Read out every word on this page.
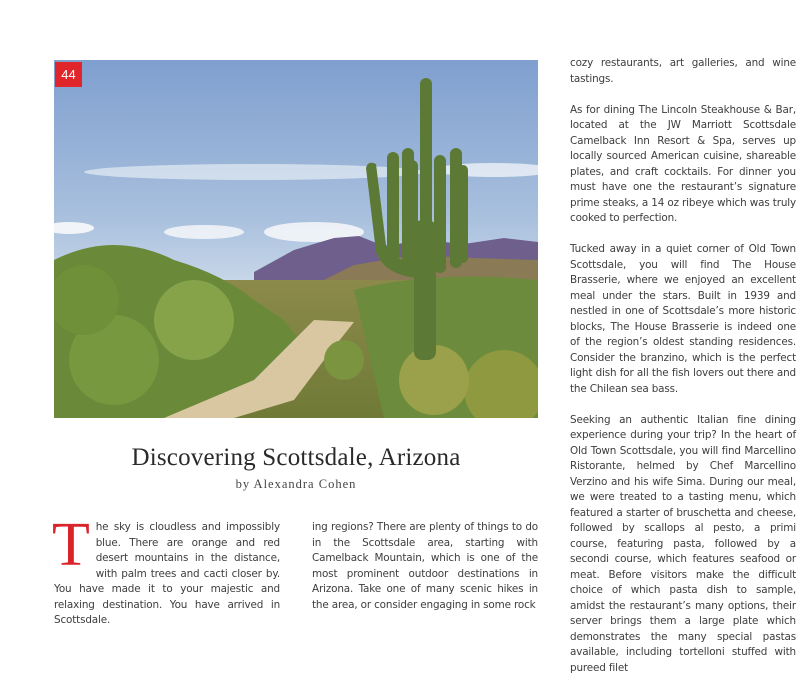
44
Discovering Scottsdale, Arizona
by Alexandra Cohen

The sky is cloudless and impossibly blue. There are orange and red desert mountains in the distance, with palm trees and cacti closer by. You have made it to your majestic and relaxing destination. You have arrived in Scottsdale.

ing regions? There are plenty of things to do in the Scottsdale area, starting with Camelback Mountain, which is one of the most prominent outdoor destinations in Arizona. Take one of many scenic hikes in the area, or consider engaging in some rock

cozy restaurants, art galleries, and wine tastings.

As for dining The Lincoln Steakhouse & Bar, located at the JW Marriott Scottsdale Camelback Inn Resort & Spa, serves up locally sourced American cuisine, shareable plates, and craft cocktails. For dinner you must have one the restaurant’s signature prime steaks, a 14 oz ribeye which was truly cooked to perfection.

Tucked away in a quiet corner of Old Town Scottsdale, you will find The House Brasserie, where we enjoyed an excellent meal under the stars. Built in 1939 and nestled in one of Scottsdale’s more historic blocks, The House Brasserie is indeed one of the region’s oldest standing residences. Consider the branzino, which is the perfect light dish for all the fish lovers out there and the Chilean sea bass.

Seeking an authentic Italian fine dining experience during your trip? In the heart of Old Town Scottsdale, you will find Marcellino Ristorante, helmed by Chef Marcellino Verzino and his wife Sima. During our meal, we were treated to a tasting menu, which featured a starter of bruschetta and cheese, followed by scallops al pesto, a primi course, featuring pasta, followed by a secondi course, which features seafood or meat. Before visitors make the difficult choice of which pasta dish to sample, amidst the restaurant’s many options, their server brings them a large plate which demonstrates the many special pastas available, including tortelloni stuffed with pureed filet
